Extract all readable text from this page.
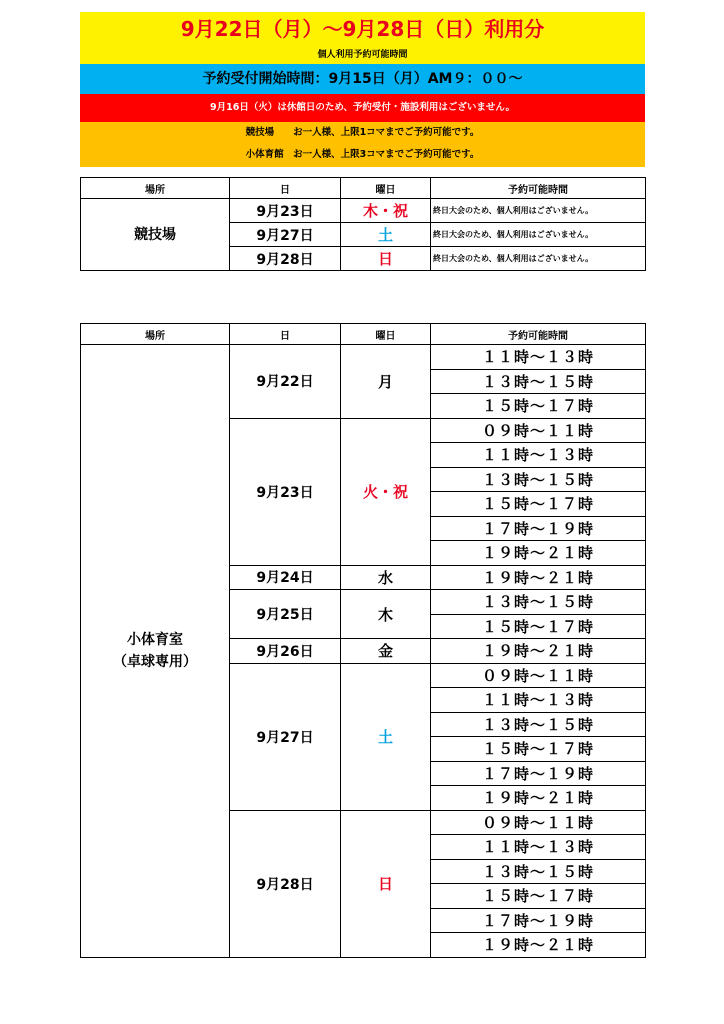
9月22日（月）～9月28日（日）利用分
個人利用予約可能時間
予約受付開始時間：9月15日（月）AM９：００～
9月16日（火）は休館日のため、予約受付・施設利用はございません。
競技場　　お一人様、上限1コマまでご予約可能です。
小体育館　お一人様、上限3コマまでご予約可能です。
場所	日	曜日	予約可能時間
競技場	9月23日	木・祝	終日大会のため、個人利用はございません。
	9月27日	土	終日大会のため、個人利用はございません。
	9月28日	日	終日大会のため、個人利用はございません。
場所	日	曜日	予約可能時間

小体育室
（卓球専用）	9月22日	月	１１時～１３時
			１３時～１５時
			１５時～１７時
	9月23日	火・祝	０９時～１１時
			１１時～１３時
			１３時～１５時
			１５時～１７時
			１７時～１９時
			１９時～２１時
	9月24日	水	１９時～２１時
	9月25日	木	１３時～１５時
			１５時～１７時
	9月26日	金	１９時～２１時
	9月27日	土	０９時～１１時
			１１時～１３時
			１３時～１５時
			１５時～１７時
			１７時～１９時
			１９時～２１時
	9月28日	日	０９時～１１時
			１１時～１３時
			１３時～１５時
			１５時～１７時
			１７時～１９時
			１９時～２１時
